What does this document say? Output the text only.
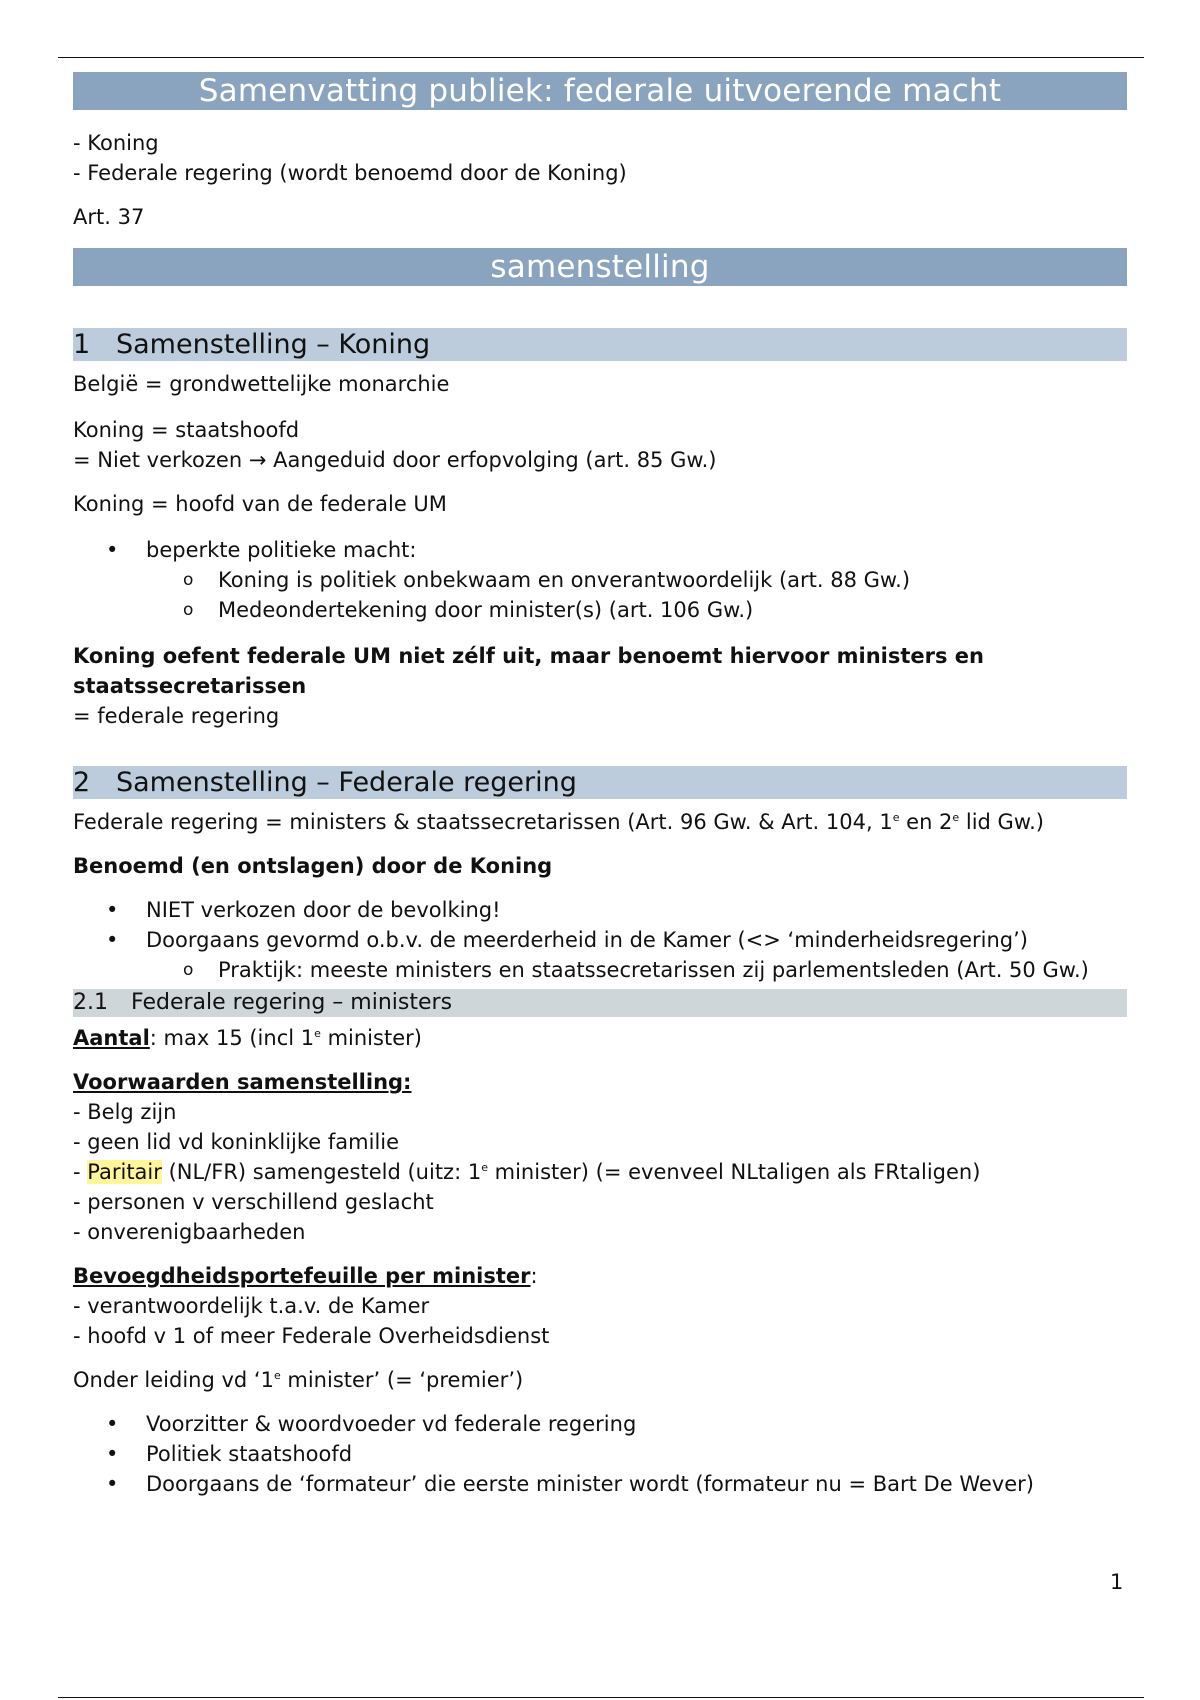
Samenvatting publiek: federale uitvoerende macht

- Koning

- Federale regering (wordt benoemd door de Koning)

Art. 37

samenstelling
1 Samenstelling – Koning

België = grondwettelijke monarchie

Koning = staatshoofd

= Niet verkozen → Aangeduid door erfopvolging (art. 85 Gw.)

Koning = hoofd van de federale UM

• beperkte politieke macht:
o Koning is politiek onbekwaam en onverantwoordelijk (art. 88 Gw.)
o Medeondertekening door minister(s) (art. 106 Gw.)

Koning oefent federale UM niet zélf uit, maar benoemt hiervoor ministers en staatssecretarissen

= federale regering

2 Samenstelling – Federale regering

Federale regering = ministers & staatssecretarissen (Art. 96 Gw. & Art. 104, 1e en 2e lid Gw.)

Benoemd (en ontslagen) door de Koning

• NIET verkozen door de bevolking!
• Doorgaans gevormd o.b.v. de meerderheid in de Kamer (<> ‘minderheidsregering’)
o Praktijk: meeste ministers en staatssecretarissen zij parlementsleden (Art. 50 Gw.)
2.1 Federale regering – ministers

Aantal: max 15 (incl 1e minister)

Voorwaarden samenstelling:

- Belg zijn

- geen lid vd koninklijke familie

- Paritair (NL/FR) samengesteld (uitz: 1e minister) (= evenveel NLtaligen als FRtaligen)

- personen v verschillend geslacht

- onverenigbaarheden

Bevoegdheidsportefeuille per minister:

- verantwoordelijk t.a.v. de Kamer

- hoofd v 1 of meer Federale Overheidsdienst

Onder leiding vd ‘1e minister’ (= ‘premier’)

• Voorzitter & woordvoeder vd federale regering
• Politiek staatshoofd
• Doorgaans de ‘formateur’ die eerste minister wordt (formateur nu = Bart De Wever)
1
